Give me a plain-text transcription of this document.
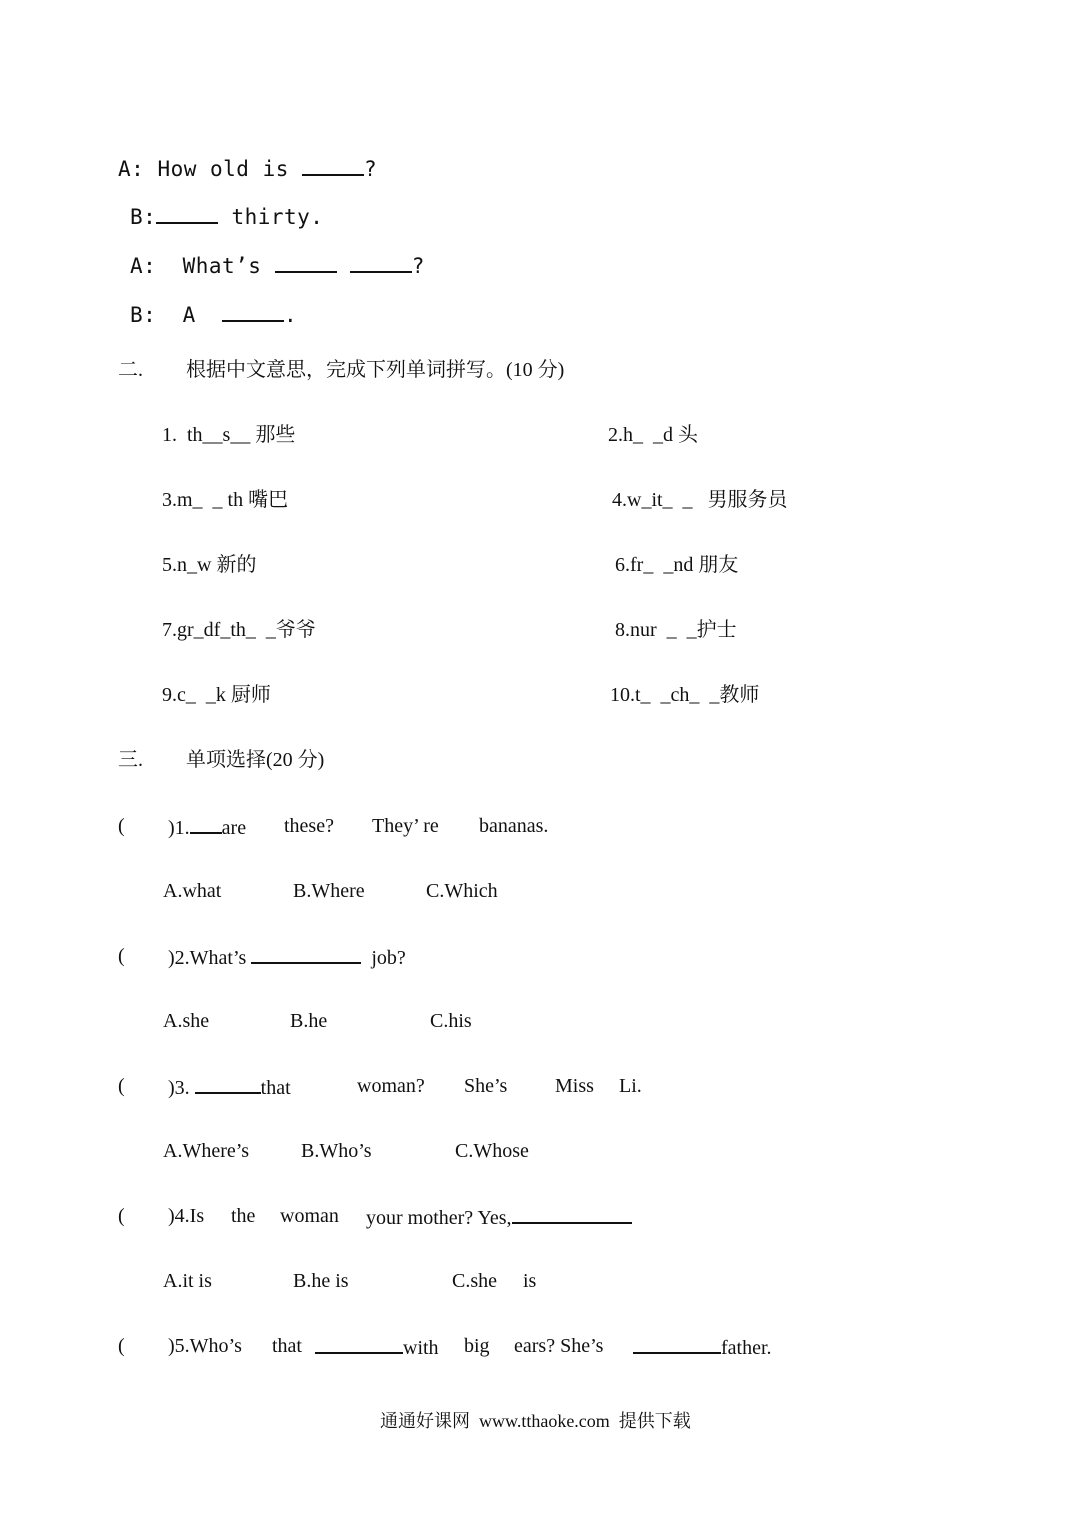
A: How old is	?
B:	thirty.
A:  What’s	?
B:  A	.
二. 根据中文意思，完成下列单词拼写。(10 分)
1.  th__s__ 那些	2.h_  _d 头
3.m_  _ th 嘴巴	4.w_it_  _   男服务员
5.n_w 新的	6.fr_  _nd 朋友
7.gr_df_th_  _爷爷	8.nur  _  _护士
9.c_  _k 厨师	10.t_  _ch_  _教师
三. 单项选择(20 分)
( )1. are these? They’ re bananas.
A.what	B.Where	C.Which
( )2.What’s	job?
A.she	B.he	C.his
( )3.	that	woman? She’s Miss Li.
A.Where’s	B.Who’s	C.Whose
( )4.Is the woman your mother? Yes,
A.it is	B.he is	C.she is
( )5.Who’s that	with big ears? She’s	father.
通通好课网  www.tthaoke.com  提供下载
